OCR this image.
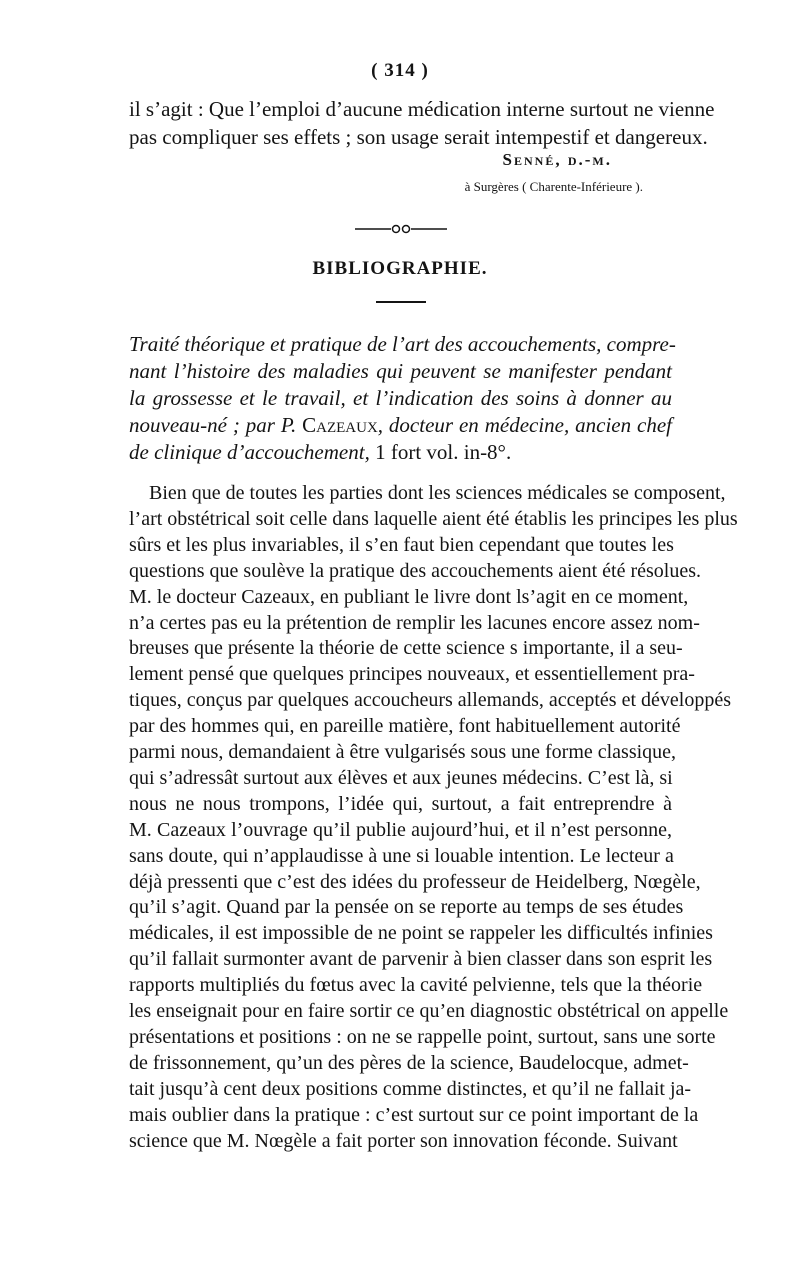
( 314 )
il s’agit : Que l’emploi d’aucune médication interne surtout ne vienne
pas compliquer ses effets ; son usage serait intempestif et dangereux.
Senné, d.-m.
à Surgères ( Charente-Inférieure ).
BIBLIOGRAPHIE.
Traité théorique et pratique de l’art des accouchements, compre-
nant l’histoire des maladies qui peuvent se manifester pendant
la grossesse et le travail, et l’indication des soins à donner au
nouveau-né ; par P. Cazeaux, docteur en médecine, ancien chef
de clinique d’accouchement, 1 fort vol. in-8°.
Bien que de toutes les parties dont les sciences médicales se composent,
l’art obstétrical soit celle dans laquelle aient été établis les principes les plus
sûrs et les plus invariables, il s’en faut bien cependant que toutes les
questions que soulève la pratique des accouchements aient été résolues.
M. le docteur Cazeaux, en publiant le livre dont ls’agit en ce moment,
n’a certes pas eu la prétention de remplir les lacunes encore assez nom-
breuses que présente la théorie de cette science s importante, il a seu-
lement pensé que quelques principes nouveaux, et essentiellement pra-
tiques, conçus par quelques accoucheurs allemands, acceptés et développés
par des hommes qui, en pareille matière, font habituellement autorité
parmi nous, demandaient à être vulgarisés sous une forme classique,
qui s’adressât surtout aux élèves et aux jeunes médecins. C’est là, si
nous ne nous trompons, l’idée qui, surtout, a fait entreprendre à
M. Cazeaux l’ouvrage qu’il publie aujourd’hui, et il n’est personne,
sans doute, qui n’applaudisse à une si louable intention. Le lecteur a
déjà pressenti que c’est des idées du professeur de Heidelberg, Nœgèle,
qu’il s’agit. Quand par la pensée on se reporte au temps de ses études
médicales, il est impossible de ne point se rappeler les difficultés infinies
qu’il fallait surmonter avant de parvenir à bien classer dans son esprit les
rapports multipliés du fœtus avec la cavité pelvienne, tels que la théorie
les enseignait pour en faire sortir ce qu’en diagnostic obstétrical on appelle
présentations et positions : on ne se rappelle point, surtout, sans une sorte
de frissonnement, qu’un des pères de la science, Baudelocque, admet-
tait jusqu’à cent deux positions comme distinctes, et qu’il ne fallait ja-
mais oublier dans la pratique : c’est surtout sur ce point important de la
science que M. Nœgèle a fait porter son innovation féconde. Suivant
